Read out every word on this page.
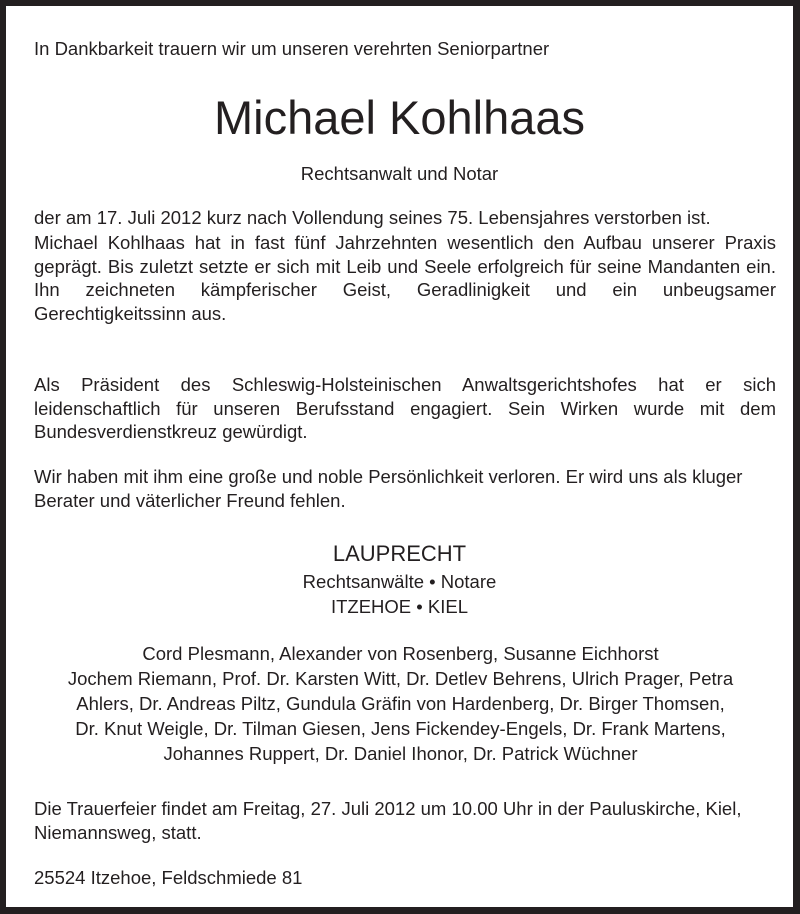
In Dankbarkeit trauern wir um unseren verehrten Seniorpartner

Michael Kohlhaas

Rechtsanwalt und Notar

der am 17. Juli 2012 kurz nach Vollendung seines 75. Lebensjahres verstorben ist.

Michael Kohlhaas hat in fast fünf Jahrzehnten wesentlich den Aufbau unserer Praxis geprägt. Bis zuletzt setzte er sich mit Leib und Seele erfolgreich für seine Mandanten ein. Ihn zeichneten kämpferischer Geist, Geradlinigkeit und ein unbeugsamer Gerechtigkeitssinn aus.

Als Präsident des Schleswig-Holsteinischen Anwaltsgerichtshofes hat er sich leidenschaftlich für unseren Berufsstand engagiert. Sein Wirken wurde mit dem Bundesverdienstkreuz gewürdigt.

Wir haben mit ihm eine große und noble Persönlichkeit verloren. Er wird uns als kluger Berater und väterlicher Freund fehlen.

LAUPRECHT

Rechtsanwälte • Notare

ITZEHOE • KIEL

Cord Plesmann, Alexander von Rosenberg, Susanne Eichhorst
Jochem Riemann, Prof. Dr. Karsten Witt, Dr. Detlev Behrens, Ulrich Prager, Petra
Ahlers, Dr. Andreas Piltz, Gundula Gräfin von Hardenberg, Dr. Birger Thomsen,
Dr. Knut Weigle, Dr. Tilman Giesen, Jens Fickendey-Engels, Dr. Frank Martens,
Johannes Ruppert, Dr. Daniel Ihonor, Dr. Patrick Wüchner

Die Trauerfeier findet am Freitag, 27. Juli 2012 um 10.00 Uhr in der Pauluskirche, Kiel, Niemannsweg, statt.

25524 Itzehoe, Feldschmiede 81
